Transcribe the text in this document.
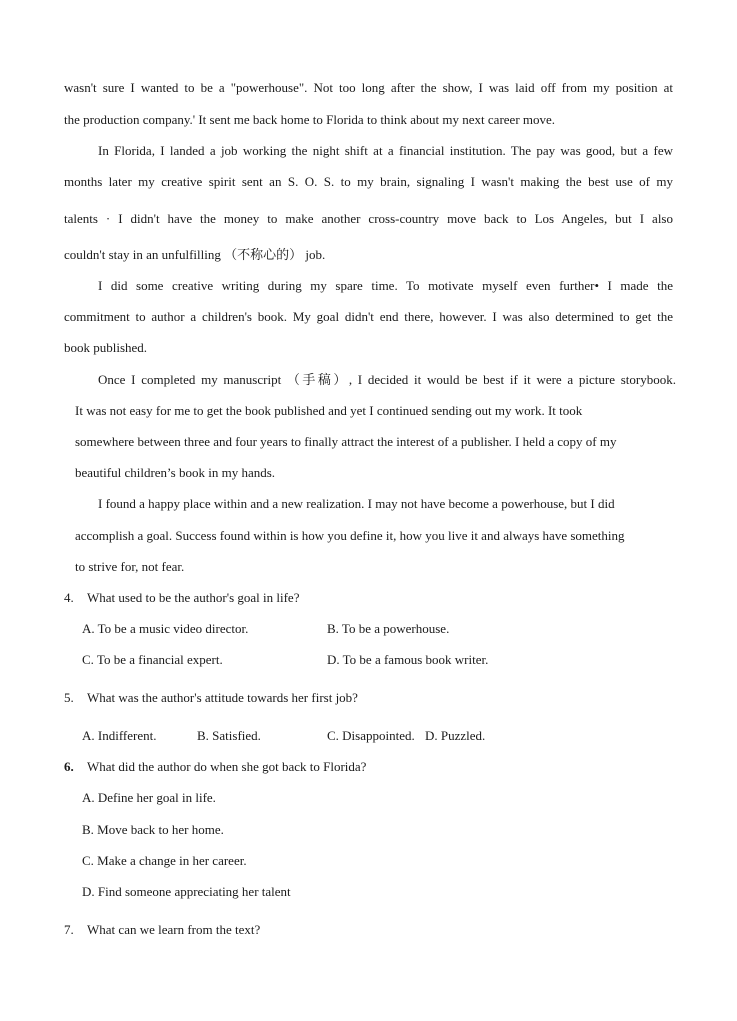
wasn't sure I wanted to be a "powerhouse". Not too long after the show, I was laid off from my position at
the production company.' It sent me back home to Florida to think about my next career move.
In Florida, I landed a job working the night shift at a financial institution. The pay was good, but a few
months later my creative spirit sent an S. O. S. to my brain, signaling I wasn't making the best use of my
talents · I didn't have the money to make another cross-country move back to Los Angeles, but I also
couldn't stay in an unfulfilling （不称心的） job.
I did some creative writing during my spare time. To motivate myself even further• I made the
commitment to author a children's book. My goal didn't end there, however. I was also determined to get the
book published.
Once I completed my manuscript （手稿）, I decided it would be best if it were a picture storybook.
It was not easy for me to get the book published and yet I continued sending out my work. It took
somewhere between three and four years to finally attract the interest of a publisher. I held a copy of my
beautiful children’s book in my hands.
I found a happy place within and a new realization. I may not have become a powerhouse, but I did
accomplish a goal. Success found within is how you define it, how you live it and always have something
to strive for, not fear.
4. What used to be the author's goal in life?
A. To be a music video director.	B. To be a powerhouse.
C. To be a financial expert.	D. To be a famous book writer.
5. What was the author's attitude towards her first job?
A. Indifferent.	B. Satisfied.	C. Disappointed. D. Puzzled.
6. What did the author do when she got back to Florida?
A. Define her goal in life.
B. Move back to her home.
C. Make a change in her career.
D. Find someone appreciating her talent
7. What can we learn from the text?
